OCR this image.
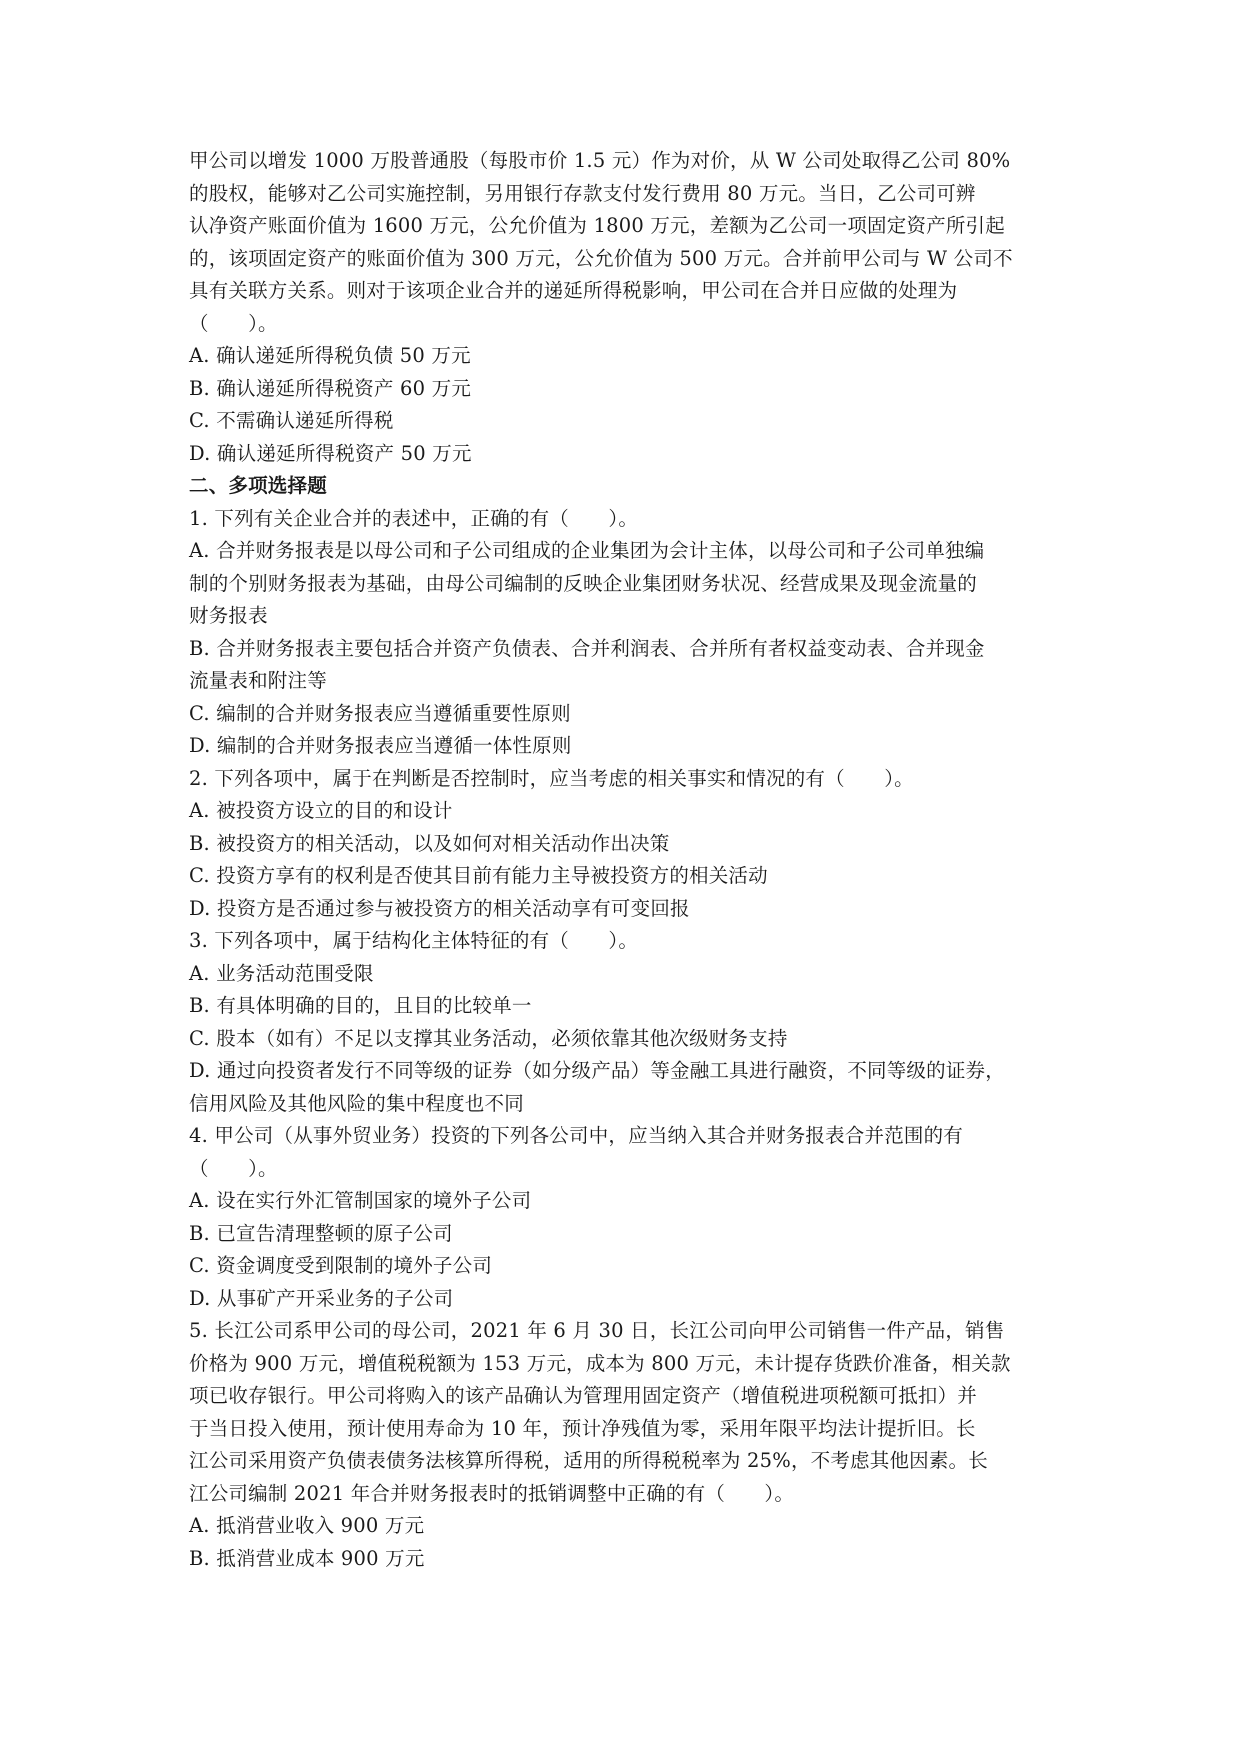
甲公司以增发 1000 万股普通股（每股市价 1.5 元）作为对价，从 W 公司处取得乙公司 80%

的股权，能够对乙公司实施控制，另用银行存款支付发行费用 80 万元。当日，乙公司可辨

认净资产账面价值为 1600 万元，公允价值为 1800 万元，差额为乙公司一项固定资产所引起

的，该项固定资产的账面价值为 300 万元，公允价值为 500 万元。合并前甲公司与 W 公司不

具有关联方关系。则对于该项企业合并的递延所得税影响，甲公司在合并日应做的处理为

（　　）。

A. 确认递延所得税负债 50 万元

B. 确认递延所得税资产 60 万元

C. 不需确认递延所得税

D. 确认递延所得税资产 50 万元

二、多项选择题

1. 下列有关企业合并的表述中，正确的有（　　）。

A. 合并财务报表是以母公司和子公司组成的企业集团为会计主体，以母公司和子公司单独编

制的个别财务报表为基础，由母公司编制的反映企业集团财务状况、经营成果及现金流量的

财务报表

B. 合并财务报表主要包括合并资产负债表、合并利润表、合并所有者权益变动表、合并现金

流量表和附注等

C. 编制的合并财务报表应当遵循重要性原则

D. 编制的合并财务报表应当遵循一体性原则

2. 下列各项中，属于在判断是否控制时，应当考虑的相关事实和情况的有（　　）。

A. 被投资方设立的目的和设计

B. 被投资方的相关活动，以及如何对相关活动作出决策

C. 投资方享有的权利是否使其目前有能力主导被投资方的相关活动

D. 投资方是否通过参与被投资方的相关活动享有可变回报

3. 下列各项中，属于结构化主体特征的有（　　）。

A. 业务活动范围受限

B. 有具体明确的目的，且目的比较单一

C. 股本（如有）不足以支撑其业务活动，必须依靠其他次级财务支持

D. 通过向投资者发行不同等级的证券（如分级产品）等金融工具进行融资，不同等级的证券，

信用风险及其他风险的集中程度也不同

4. 甲公司（从事外贸业务）投资的下列各公司中，应当纳入其合并财务报表合并范围的有

（　　）。

A. 设在实行外汇管制国家的境外子公司

B. 已宣告清理整顿的原子公司

C. 资金调度受到限制的境外子公司

D. 从事矿产开采业务的子公司

5. 长江公司系甲公司的母公司，2021 年 6 月 30 日，长江公司向甲公司销售一件产品，销售

价格为 900 万元，增值税税额为 153 万元，成本为 800 万元，未计提存货跌价准备，相关款

项已收存银行。甲公司将购入的该产品确认为管理用固定资产（增值税进项税额可抵扣）并

于当日投入使用，预计使用寿命为 10 年，预计净残值为零，采用年限平均法计提折旧。长

江公司采用资产负债表债务法核算所得税，适用的所得税税率为 25%，不考虑其他因素。长

江公司编制 2021 年合并财务报表时的抵销调整中正确的有（　　）。

A. 抵消营业收入 900 万元

B. 抵消营业成本 900 万元
